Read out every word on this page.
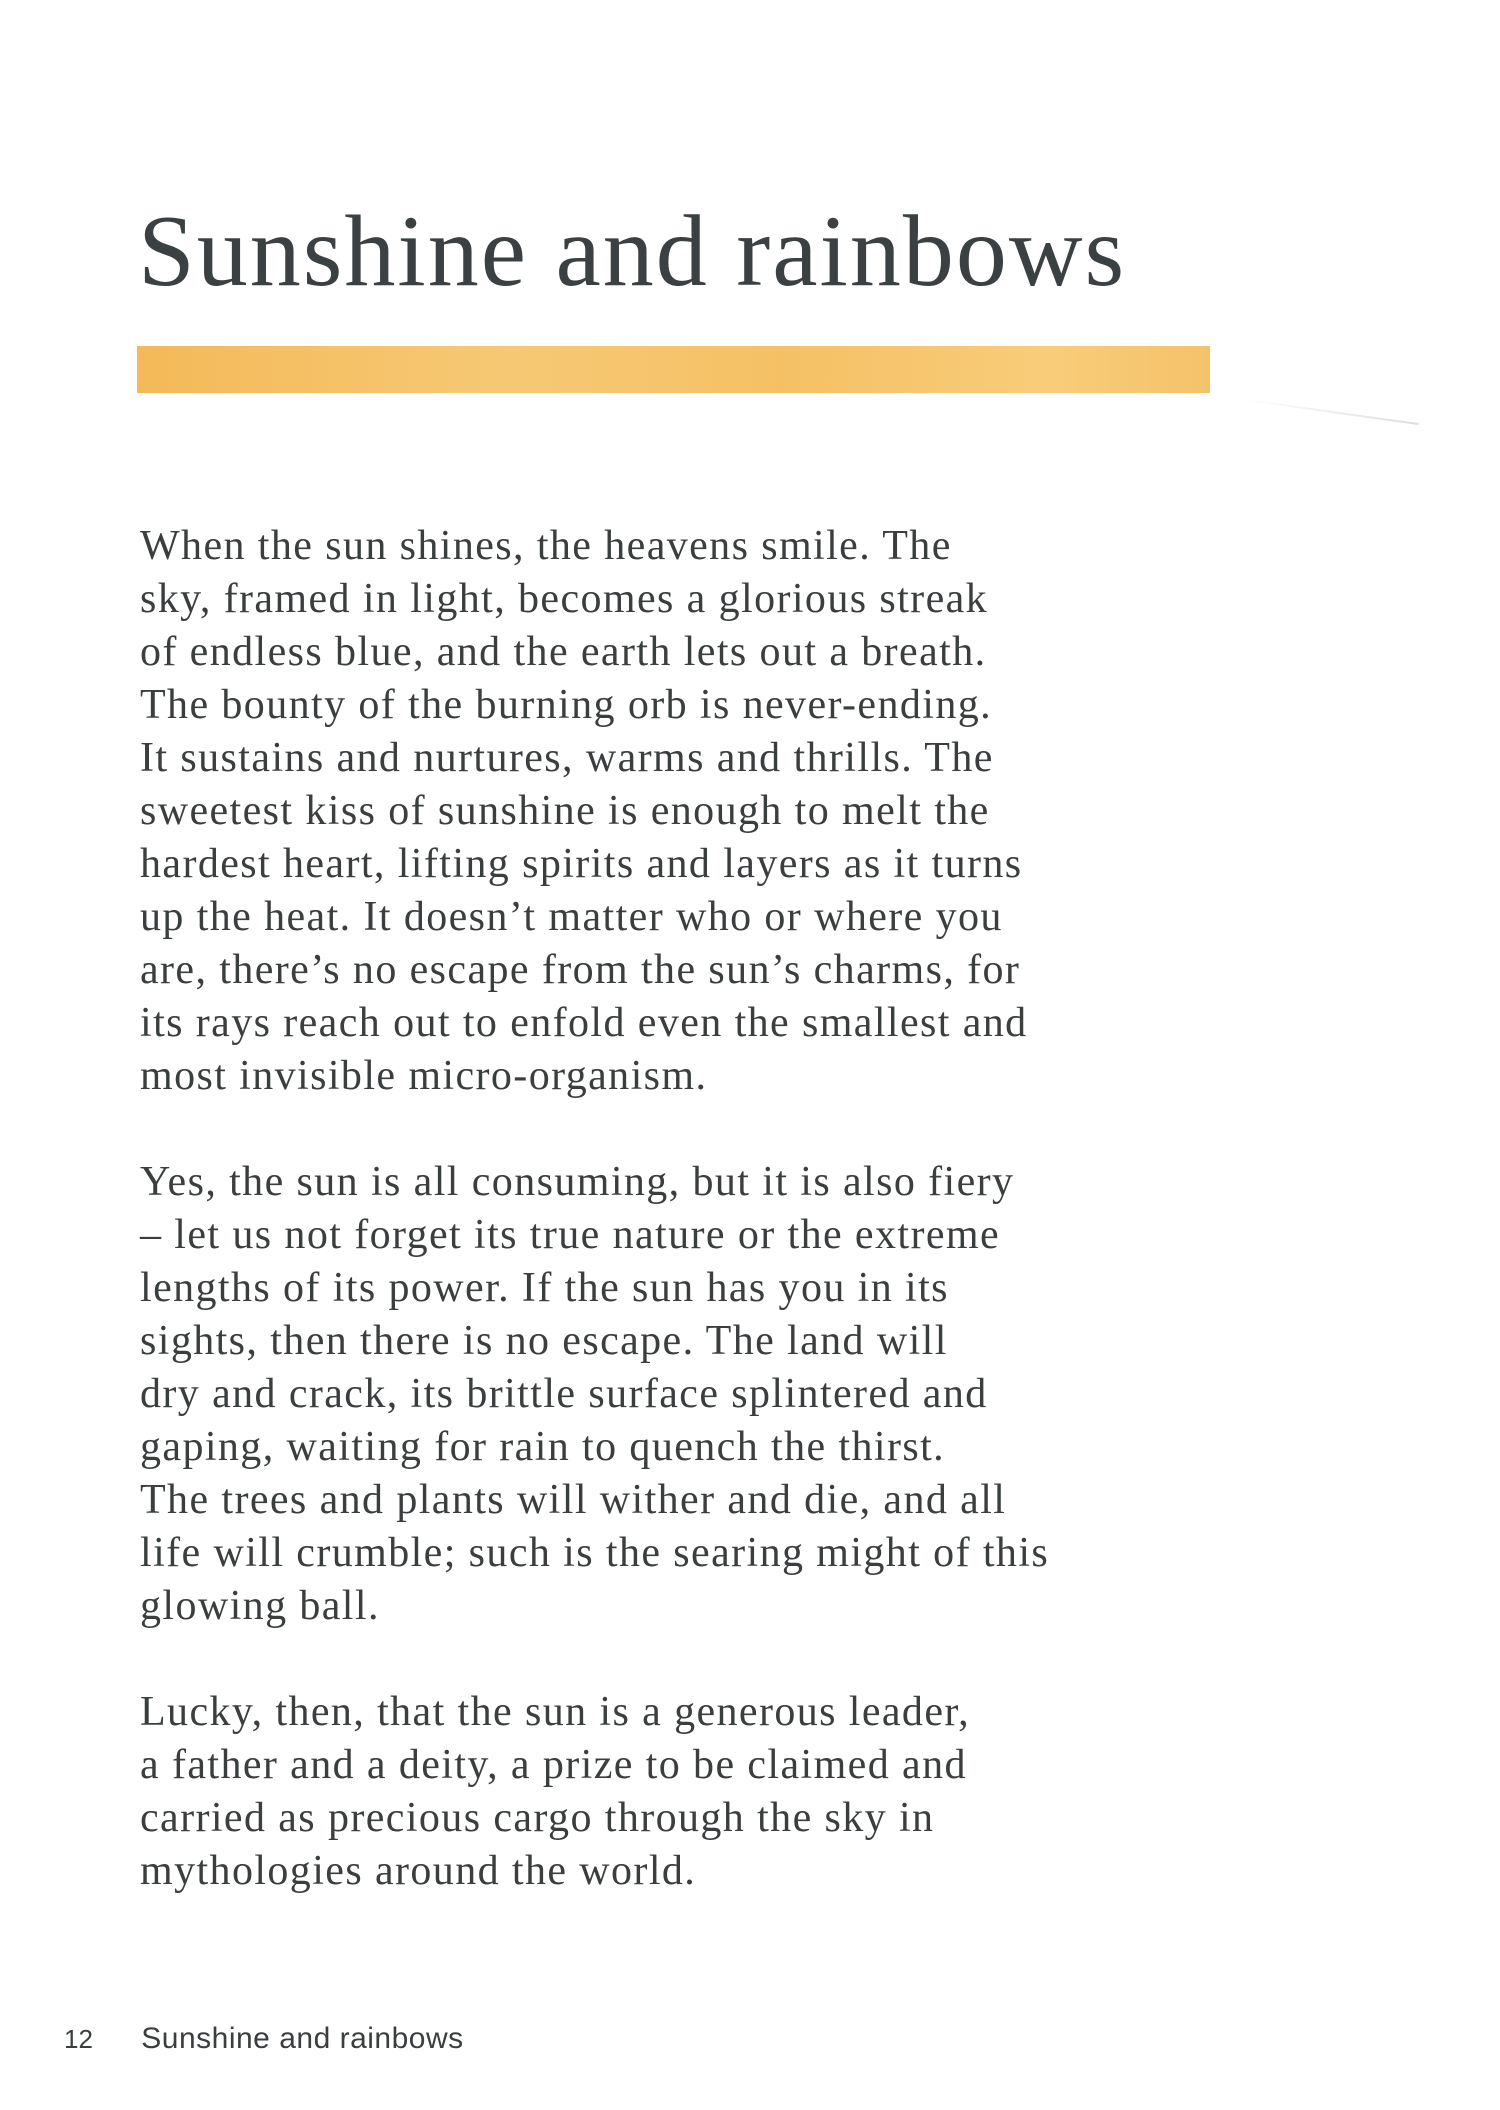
Sunshine and rainbows

When the sun shines, the heavens smile. The
sky, framed in light, becomes a glorious streak
of endless blue, and the earth lets out a breath.
The bounty of the burning orb is never-ending.
It sustains and nurtures, warms and thrills. The
sweetest kiss of sunshine is enough to melt the
hardest heart, lifting spirits and layers as it turns
up the heat. It doesn’t matter who or where you
are, there’s no escape from the sun’s charms, for
its rays reach out to enfold even the smallest and
most invisible micro-organism.

Yes, the sun is all consuming, but it is also fiery
– let us not forget its true nature or the extreme
lengths of its power. If the sun has you in its
sights, then there is no escape. The land will
dry and crack, its brittle surface splintered and
gaping, waiting for rain to quench the thirst.
The trees and plants will wither and die, and all
life will crumble; such is the searing might of this
glowing ball.

Lucky, then, that the sun is a generous leader,
a father and a deity, a prize to be claimed and
carried as precious cargo through the sky in
mythologies around the world.

12 Sunshine and rainbows
